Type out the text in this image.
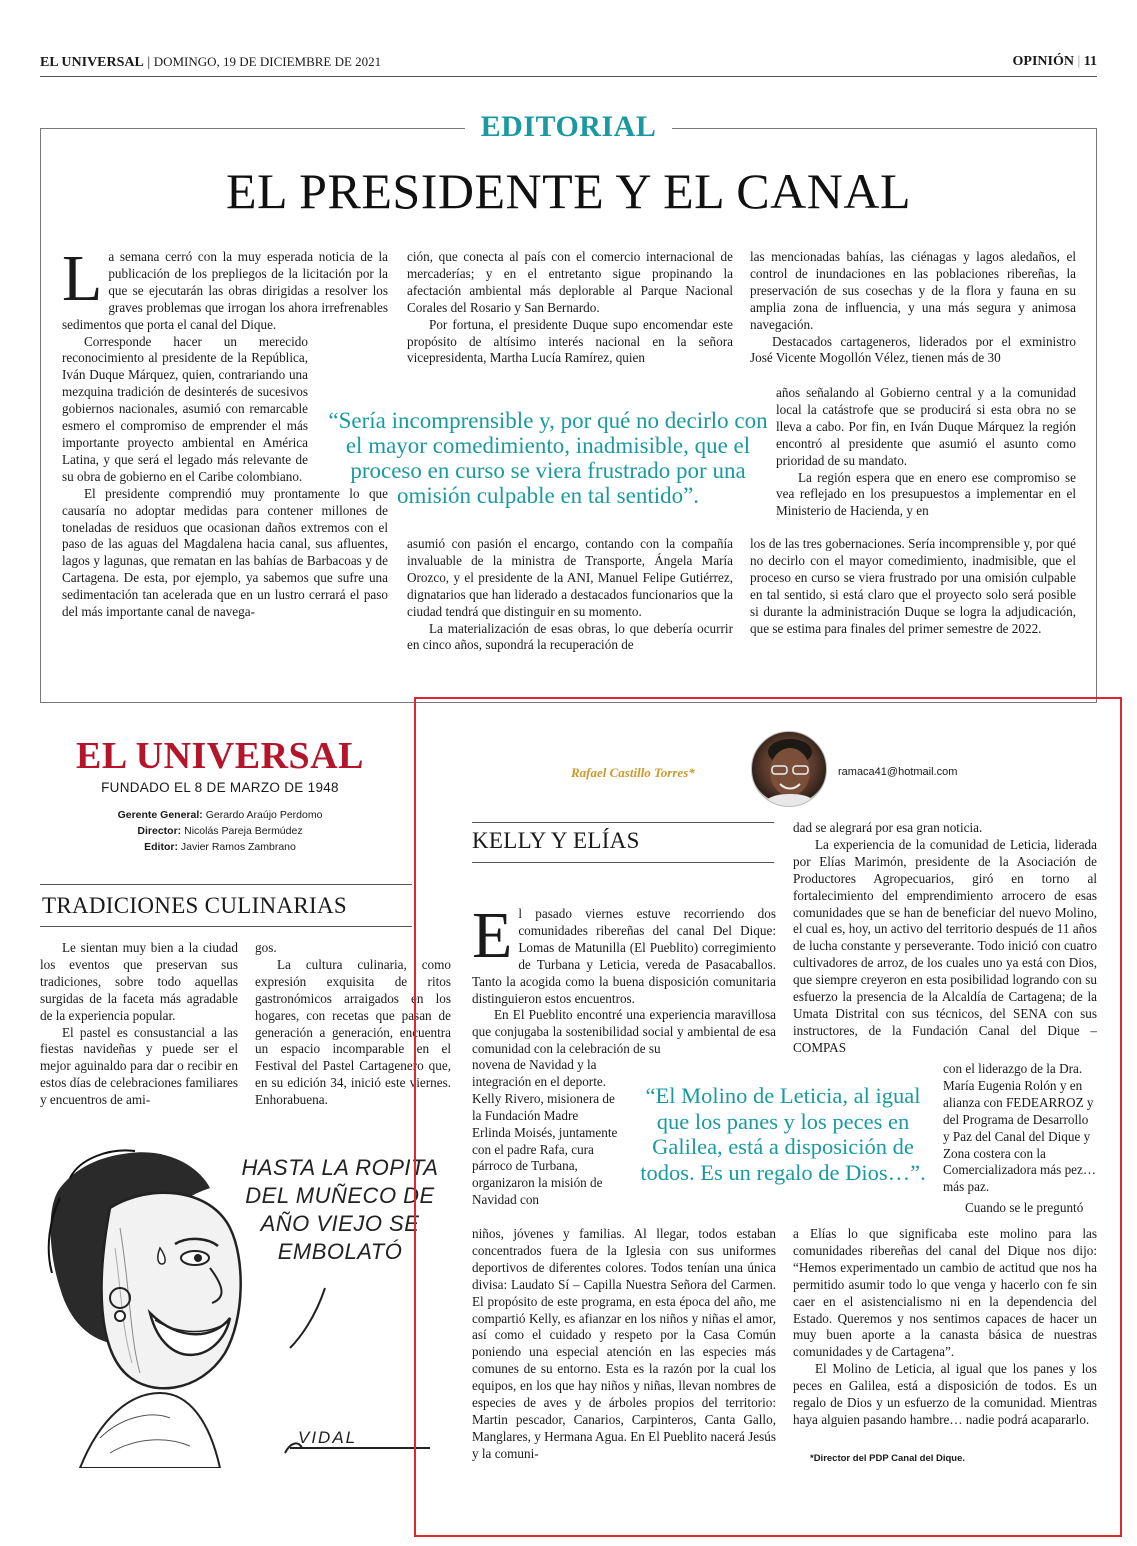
EL UNIVERSAL | DOMINGO, 19 DE DICIEMBRE DE 2021	OPINIÓN | 11
EDITORIAL
EL PRESIDENTE Y EL CANAL

La semana cerró con la muy esperada noticia de la publicación de los prepliegos de la licitación por la que se ejecutarán las obras dirigidas a resolver los graves problemas que irrogan los ahora irrefrenables sedimentos que porta el canal del Dique.

Corresponde hacer un merecido reconocimiento al presidente de la República, Iván Duque Márquez, quien, contrariando una mezquina tradición de desinterés de sucesivos gobiernos nacionales, asumió con remarcable esmero el compromiso de emprender el más importante proyecto ambiental en América Latina, y que será el legado más relevante de su obra de gobierno en el Caribe colombiano.

El presidente comprendió muy prontamente lo que causaría no adoptar medidas para contener millones de toneladas de residuos que ocasionan daños extremos con el paso de las aguas del Magdalena hacia canal, sus afluentes, lagos y lagunas, que rematan en las bahías de Barbacoas y de Cartagena. De esta, por ejemplo, ya sabemos que sufre una sedimentación tan acelerada que en un lustro cerrará el paso del más importante canal de navega-

ción, que conecta al país con el comercio internacional de mercaderías; y en el entretanto sigue propinando la afectación ambiental más deplorable al Parque Nacional Corales del Rosario y San Bernardo.

Por fortuna, el presidente Duque supo encomendar este propósito de altísimo interés nacional en la señora vicepresidenta, Martha Lucía Ramírez, quien

asumió con pasión el encargo, contando con la compañía invaluable de la ministra de Transporte, Ángela María Orozco, y el presidente de la ANI, Manuel Felipe Gutiérrez, dignatarios que han liderado a destacados funcionarios que la ciudad tendrá que distinguir en su momento.

La materialización de esas obras, lo que debería ocurrir en cinco años, supondrá la recuperación de

las mencionadas bahías, las ciénagas y lagos aledaños, el control de inundaciones en las poblaciones ribereñas, la preservación de sus cosechas y de la flora y fauna en su amplia zona de influencia, y una más segura y animosa navegación.

Destacados cartageneros, liderados por el exministro José Vicente Mogollón Vélez, tienen más de 30

años señalando al Gobierno central y a la comunidad local la catástrofe que se producirá si esta obra no se lleva a cabo. Por fin, en Iván Duque Márquez la región encontró al presidente que asumió el asunto como prioridad de su mandato.

La región espera que en enero ese compromiso se vea reflejado en los presupuestos a implementar en el Ministerio de Hacienda, y en

los de las tres gobernaciones. Sería incomprensible y, por qué no decirlo con el mayor comedimiento, inadmisible, que el proceso en curso se viera frustrado por una omisión culpable en tal sentido, si está claro que el proyecto solo será posible si durante la administración Duque se logra la adjudicación, que se estima para finales del primer semestre de 2022.

“Sería incomprensible y, por qué no decirlo con el mayor comedimiento, inadmisible, que el proceso en curso se viera frustrado por una omisión culpable en tal sentido”.
EL UNIVERSAL
FUNDADO EL 8 DE MARZO DE 1948
Gerente General: Gerardo Araújo Perdomo
Director: Nicolás Pareja Bermúdez
Editor: Javier Ramos Zambrano
TRADICIONES CULINARIAS

Le sientan muy bien a la ciudad los eventos que preservan sus tradiciones, sobre todo aquellas surgidas de la faceta más agradable de la experiencia popular.

El pastel es consustancial a las fiestas navideñas y puede ser el mejor aguinaldo para dar o recibir en estos días de celebraciones familiares y encuentros de ami-

gos.

La cultura culinaria, como expresión exquisita de ritos gastronómicos arraigados en los hogares, con recetas que pasan de generación a generación, encuentra un espacio incomparable en el Festival del Pastel Cartagenero que, en su edición 34, inició este viernes. Enhorabuena.

HASTA LA ROPITA DEL MUÑECO DE AÑO VIEJO SE EMBOLATÓ
VIDAL
Rafael Castillo Torres*	ramaca41@hotmail.com
KELLY Y ELÍAS

El pasado viernes estuve recorriendo dos comunidades ribereñas del canal Del Dique: Lomas de Matunilla (El Pueblito) corregimiento de Turbana y Leticia, vereda de Pasacaballos. Tanto la acogida como la buena disposición comunitaria distinguieron estos encuentros.

En El Pueblito encontré una experiencia maravillosa que conjugaba la sostenibilidad social y ambiental de esa comunidad con la celebración de su

novena de Navidad y la integración en el deporte. Kelly Rivero, misionera de la Fundación Madre Erlinda Moisés, juntamente con el padre Rafa, cura párroco de Turbana, organizaron la misión de Navidad con

niños, jóvenes y familias. Al llegar, todos estaban concentrados fuera de la Iglesia con sus uniformes deportivos de diferentes colores. Todos tenían una única divisa: Laudato Sí – Capilla Nuestra Señora del Carmen. El propósito de este programa, en esta época del año, me compartió Kelly, es afianzar en los niños y niñas el amor, así como el cuidado y respeto por la Casa Común poniendo una especial atención en las especies más comunes de su entorno. Esta es la razón por la cual los equipos, en los que hay niños y niñas, llevan nombres de especies de aves y de árboles propios del territorio: Martin pescador, Canarios, Carpinteros, Canta Gallo, Manglares, y Hermana Agua. En El Pueblito nacerá Jesús y la comuni-

dad se alegrará por esa gran noticia.

La experiencia de la comunidad de Leticia, liderada por Elías Marimón, presidente de la Asociación de Productores Agropecuarios, giró en torno al fortalecimiento del emprendimiento arrocero de esas comunidades que se han de beneficiar del nuevo Molino, el cual es, hoy, un activo del territorio después de 11 años de lucha constante y perseverante. Todo inició con cuatro cultivadores de arroz, de los cuales uno ya está con Dios, que siempre creyeron en esta posibilidad logrando con su esfuerzo la presencia de la Alcaldía de Cartagena; de la Umata Distrital con sus técnicos, del SENA con sus instructores, de la Fundación Canal del Dique – COMPAS

con el liderazgo de la Dra. María Eugenia Rolón y en alianza con FEDEARROZ y del Programa de Desarrollo y Paz del Canal del Dique y Zona costera con la Comercializadora más pez… más paz.

Cuando se le preguntó

a Elías lo que significaba este molino para las comunidades ribereñas del canal del Dique nos dijo: “Hemos experimentado un cambio de actitud que nos ha permitido asumir todo lo que venga y hacerlo con fe sin caer en el asistencialismo ni en la dependencia del Estado. Queremos y nos sentimos capaces de hacer un muy buen aporte a la canasta básica de nuestras comunidades y de Cartagena”.

El Molino de Leticia, al igual que los panes y los peces en Galilea, está a disposición de todos. Es un regalo de Dios y un esfuerzo de la comunidad. Mientras haya alguien pasando hambre… nadie podrá acapararlo.

“El Molino de Leticia, al igual que los panes y los peces en Galilea, está a disposición de todos. Es un regalo de Dios…”.
*Director del PDP Canal del Dique.
